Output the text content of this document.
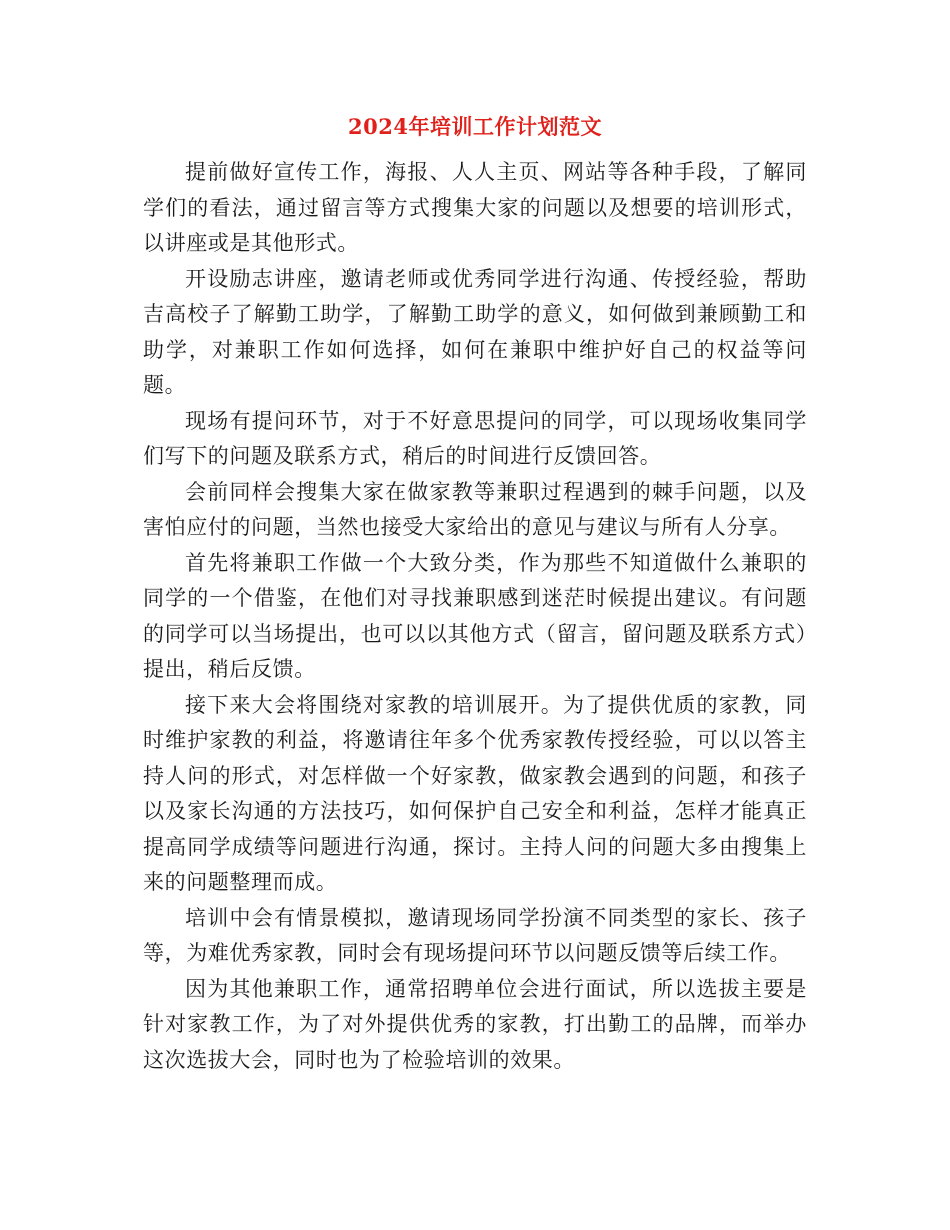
2024年培训工作计划范文

提前做好宣传工作，海报、人人主页、网站等各种手段，了解同学们的看法，通过留言等方式搜集大家的问题以及想要的培训形式，以讲座或是其他形式。

开设励志讲座，邀请老师或优秀同学进行沟通、传授经验，帮助吉高校子了解勤工助学，了解勤工助学的意义，如何做到兼顾勤工和助学，对兼职工作如何选择，如何在兼职中维护好自己的权益等问题。

现场有提问环节，对于不好意思提问的同学，可以现场收集同学们写下的问题及联系方式，稍后的时间进行反馈回答。

会前同样会搜集大家在做家教等兼职过程遇到的棘手问题，以及害怕应付的问题，当然也接受大家给出的意见与建议与所有人分享。

首先将兼职工作做一个大致分类，作为那些不知道做什么兼职的同学的一个借鉴，在他们对寻找兼职感到迷茫时候提出建议。有问题的同学可以当场提出，也可以以其他方式（留言，留问题及联系方式）提出，稍后反馈。

接下来大会将围绕对家教的培训展开。为了提供优质的家教，同时维护家教的利益，将邀请往年多个优秀家教传授经验，可以以答主持人问的形式，对怎样做一个好家教，做家教会遇到的问题，和孩子以及家长沟通的方法技巧，如何保护自己安全和利益，怎样才能真正提高同学成绩等问题进行沟通，探讨。主持人问的问题大多由搜集上来的问题整理而成。

培训中会有情景模拟，邀请现场同学扮演不同类型的家长、孩子等，为难优秀家教，同时会有现场提问环节以问题反馈等后续工作。

因为其他兼职工作，通常招聘单位会进行面试，所以选拔主要是针对家教工作，为了对外提供优秀的家教，打出勤工的品牌，而举办这次选拔大会，同时也为了检验培训的效果。
